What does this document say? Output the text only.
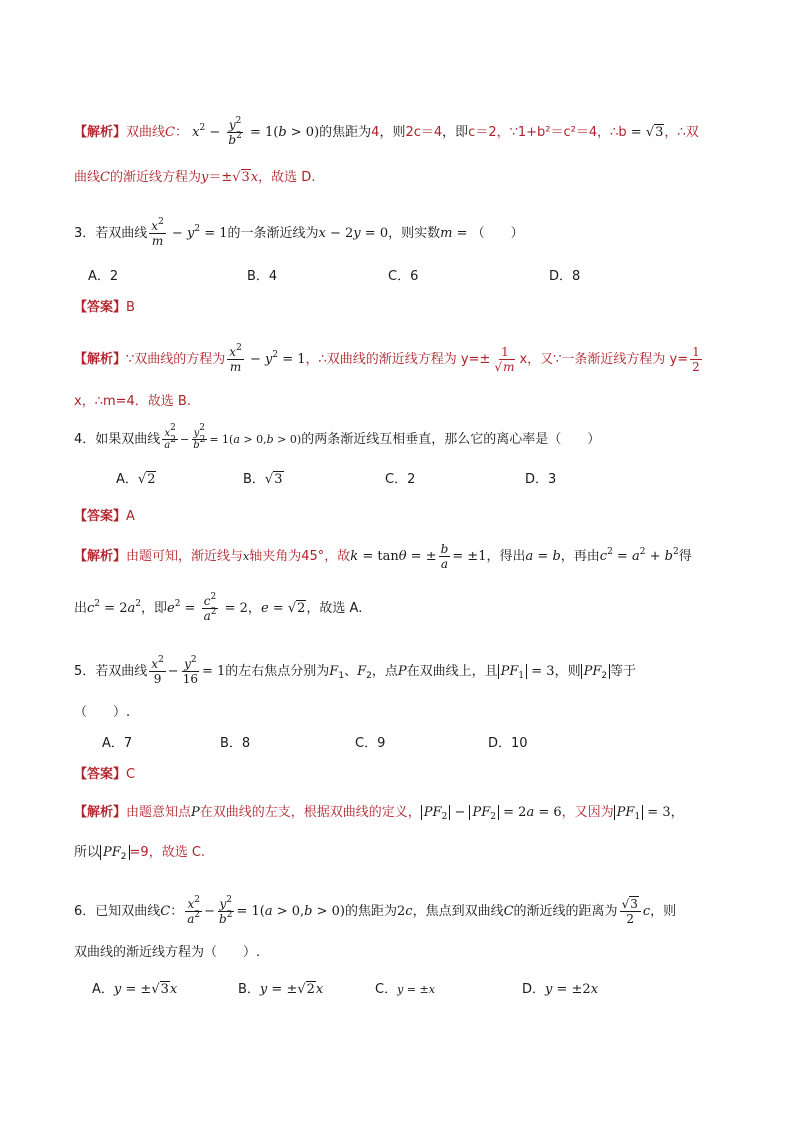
【解析】双曲线C： $x^2 - \frac{y^2}{b^2} = 1(b > 0)$的焦距为4，则2c＝4，即c＝2，∵1+b²＝c²＝4，∴b = √3，∴双
曲线C的渐近线方程为y＝±√3x，故选 D.
3．若双曲线 $\frac{x^2}{m} - y^2 = 1$的一条渐近线为x − 2y = 0，则实数m = （　　）
A．2	B．4	C．6	D．8
【答案】B
【解析】∵双曲线的方程为 $\frac{x^2}{m} - y^2 = 1$，∴双曲线的渐近线方程为 $y=\pm \frac{1}{√m}$ x，又∵一条渐近线方程为 $y= \frac{1}{2}$
x，∴m=4．故选 B.
4．如果双曲线 $\frac{x^2}{a^2} - \frac{y^2}{b^2} = 1(a > 0,b > 0)$的两条渐近线互相垂直，那么它的离心率是（　　）
A．√2	B．√3	C．2	D．3
【答案】A
【解析】由题可知，渐近线与x轴夹角为45°，故k = tanθ = ± $\frac{b}{a} = \pm 1$，得出a = b，再由$c^2 = a^2 + b^2$得
出$c^2 = 2a^2$，即$e^2 = \frac{c^2}{a^2} = 2$，e = √2，故选 A.
5．若双曲线 $\frac{x^2}{9} - \frac{y^2}{16} = 1$的左右焦点分别为$F_1$、$F_2$，点P在双曲线上，且 $PF_1 = 3$，则 $PF_2$ 等于
（　　）.
A．7	B．8	C．9	D．10
【答案】C
【解析】由题意知点P在双曲线的左支，根据双曲线的定义， $PF_2 - PF_2 = 2a = 6$，又因为 $PF_1 = 3$，
所以 $PF_2 =9$，故选 C.
6．已知双曲线C： $\frac{x^2}{a^2} - \frac{y^2}{b^2} = 1(a > 0,b > 0)$的焦距为2c，焦点到双曲线C的渐近线的距离为 $\frac{√3}{2}$ c，则
双曲线的渐近线方程为（　　）.
A．y = ±√3x	B．y = ±√2x	C．y = ±x	D．y = ±2x
